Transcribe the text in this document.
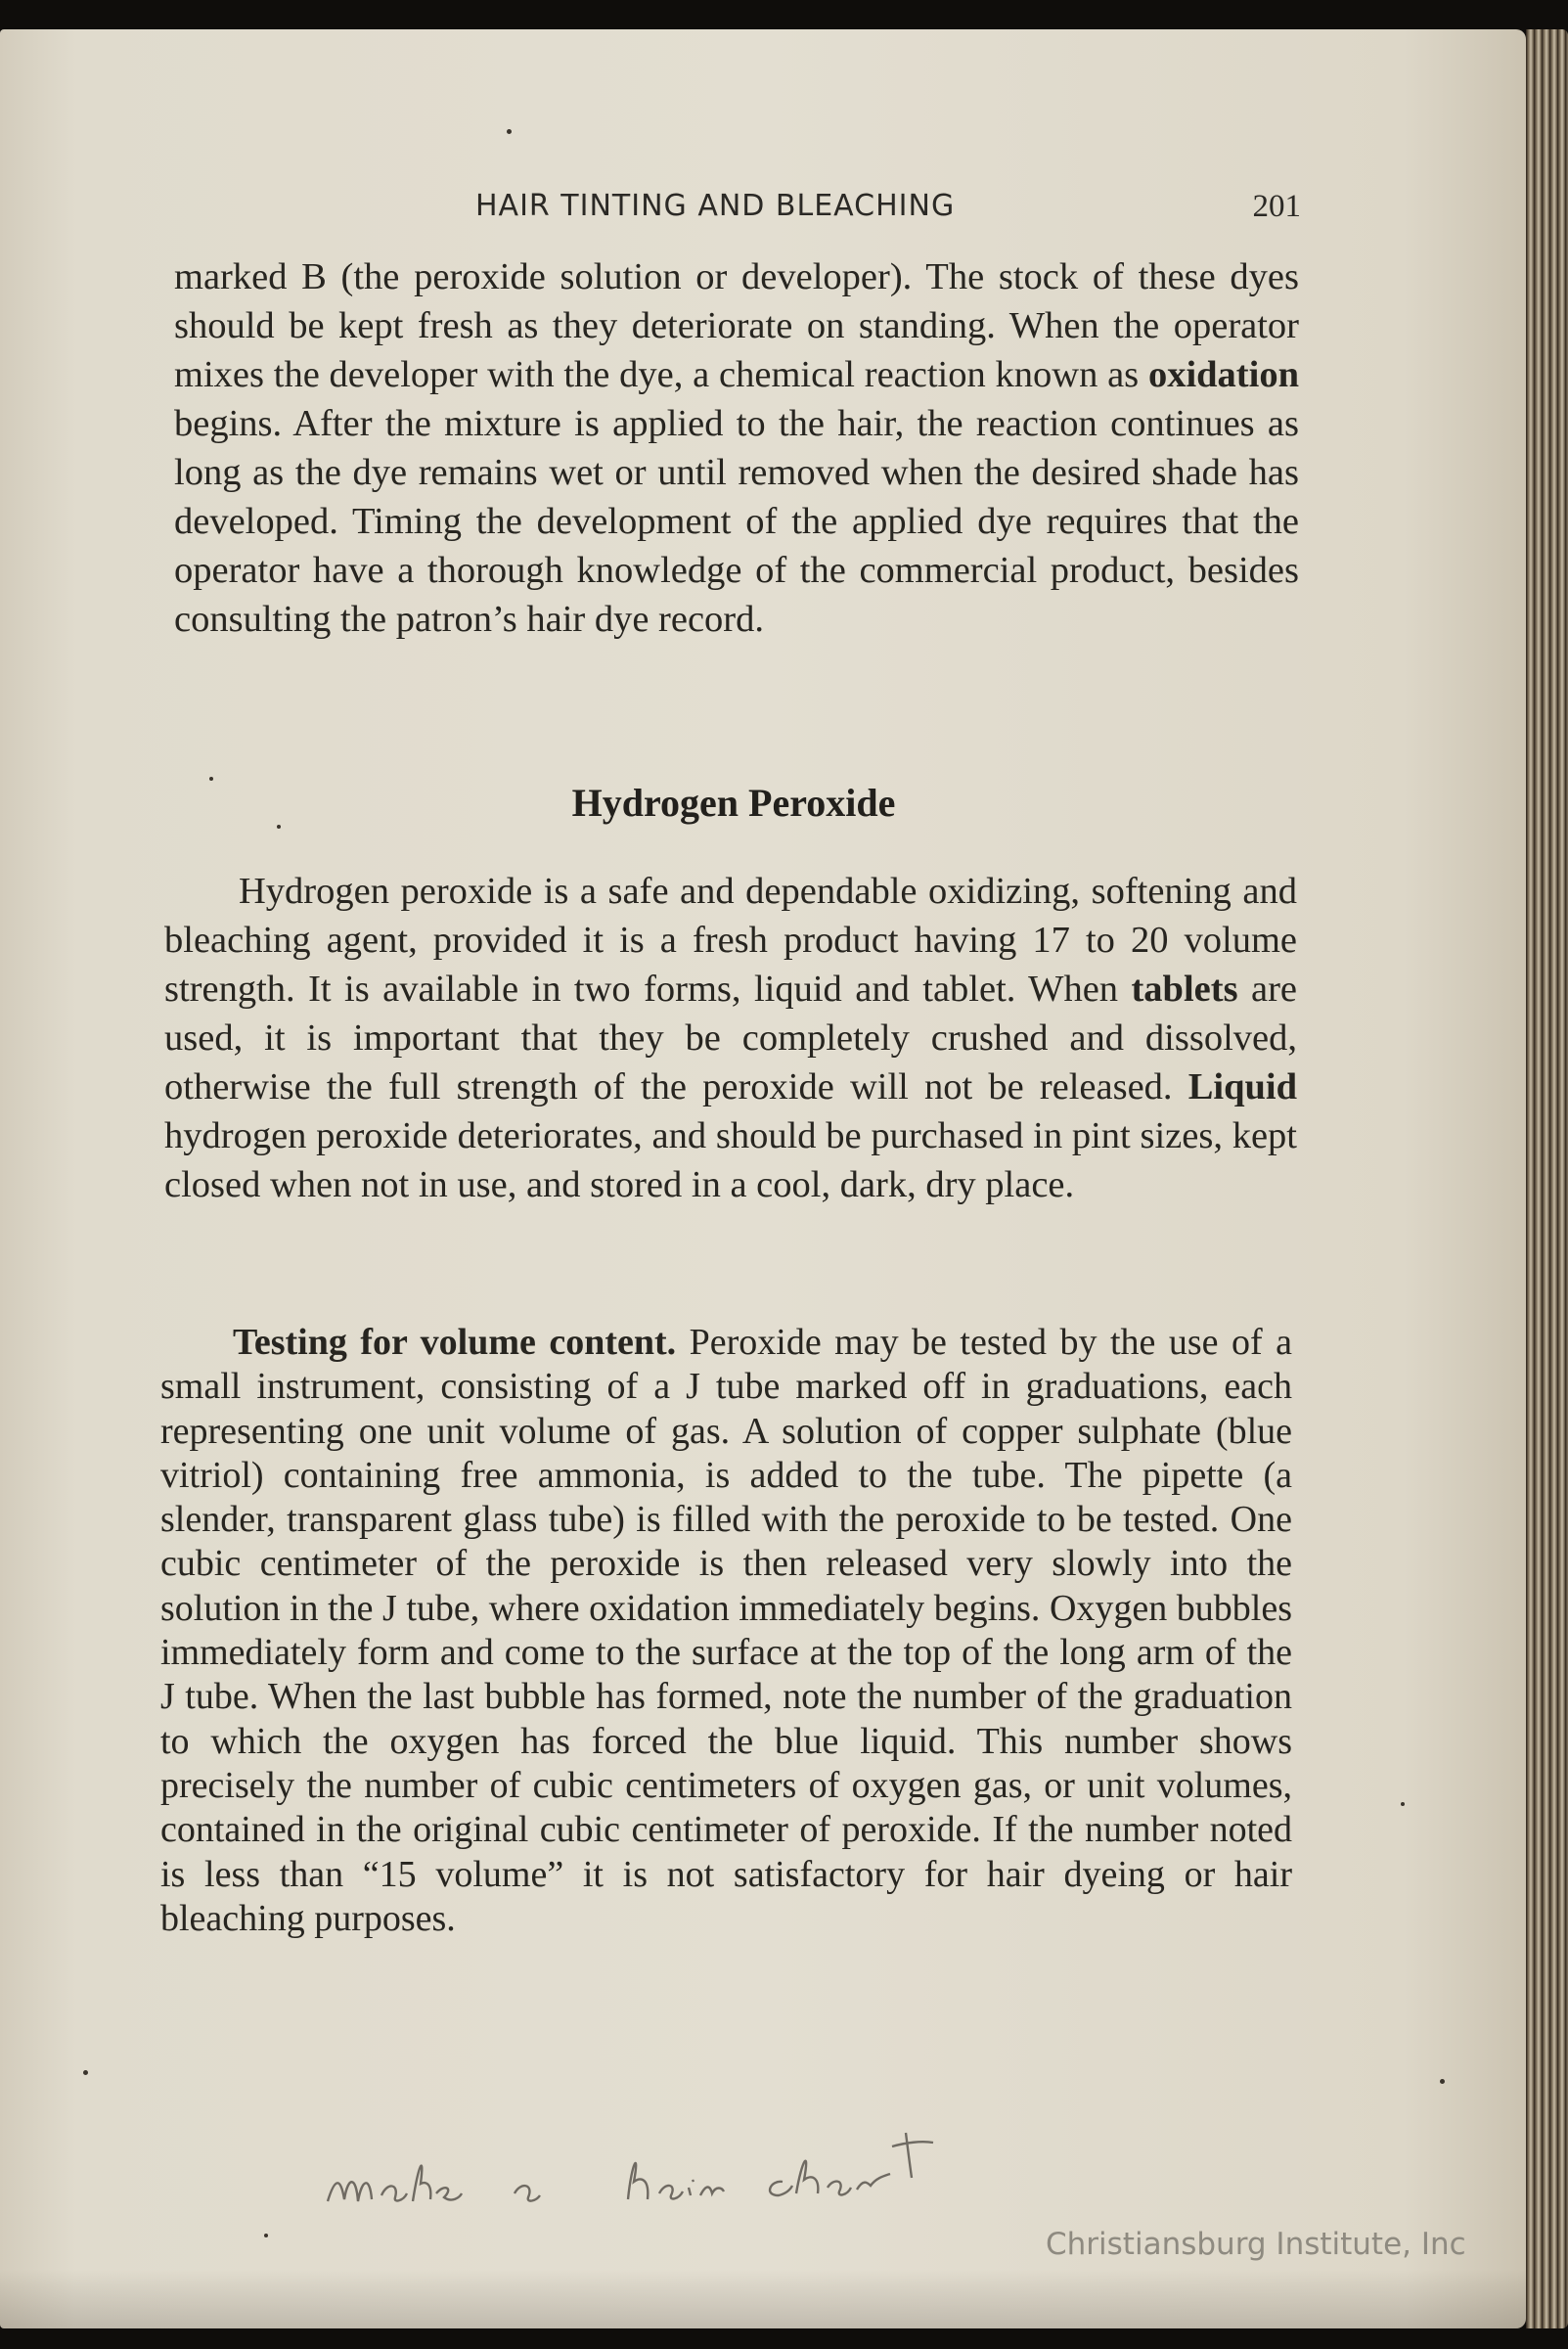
HAIR TINTING AND BLEACHING	201

marked B (the peroxide solution or developer). The stock of these dyes should be kept fresh as they deteriorate on standing. When the operator mixes the developer with the dye, a chemical reaction known as oxidation begins. After the mixture is applied to the hair, the reaction continues as long as the dye remains wet or until removed when the desired shade has developed. Timing the development of the applied dye requires that the operator have a thorough knowledge of the commercial product, besides consulting the patron’s hair dye record.

Hydrogen Peroxide

Hydrogen peroxide is a safe and dependable oxidizing, softening and bleaching agent, provided it is a fresh product having 17 to 20 volume strength. It is available in two forms, liquid and tablet. When tablets are used, it is important that they be completely crushed and dissolved, otherwise the full strength of the peroxide will not be released. Liquid hydrogen peroxide deteriorates, and should be purchased in pint sizes, kept closed when not in use, and stored in a cool, dark, dry place.

Testing for volume content. Peroxide may be tested by the use of a small instrument, consisting of a J tube marked off in graduations, each representing one unit volume of gas. A solution of copper sulphate (blue vitriol) containing free ammonia, is added to the tube. The pipette (a slender, transparent glass tube) is filled with the peroxide to be tested. One cubic centimeter of the peroxide is then released very slowly into the solution in the J tube, where oxidation immediately begins. Oxygen bubbles immediately form and come to the surface at the top of the long arm of the J tube. When the last bubble has formed, note the number of the graduation to which the oxygen has forced the blue liquid. This number shows precisely the number of cubic centimeters of oxygen gas, or unit volumes, contained in the original cubic centimeter of peroxide. If the number noted is less than “15 volume” it is not satisfactory for hair dyeing or hair bleaching purposes.

Christiansburg Institute, Inc
